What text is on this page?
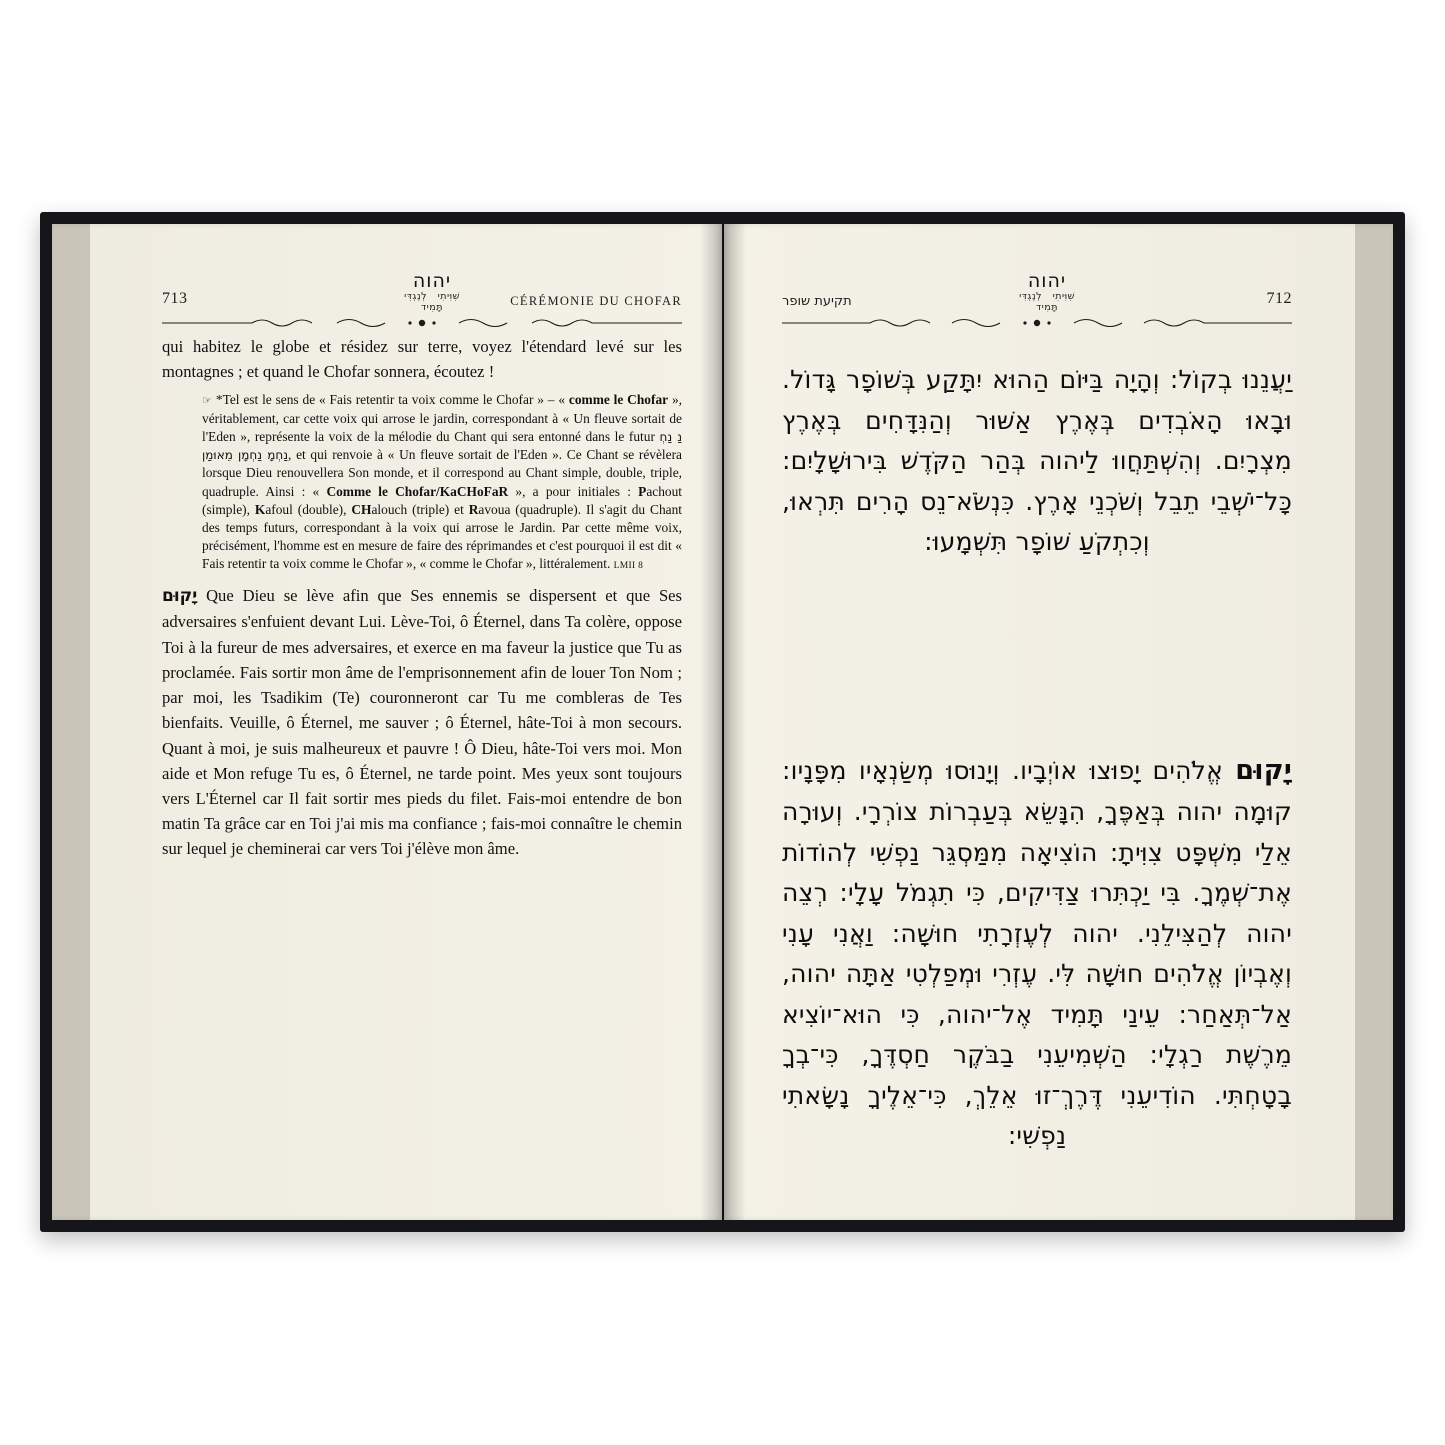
713
יהוה
שִׁוִּיתִי   לְנֶגְדִּי
תָּמִיד	CÉRÉMONIE DU CHOFAR

qui habitez le globe et résidez sur terre, voyez l'étendard levé sur les montagnes ; et quand le Chofar sonnera, écoutez !

☞ *Tel est le sens de « Fais retentir ta voix comme le Chofar » – « comme le Chofar », véritablement, car cette voix qui arrose le jardin, correspondant à « Un fleuve sortait de l'Eden », représente la voix de la mélodie du Chant qui sera entonné dans le futur נַ נַחְ נַחְמָ נַחְמָן מֵאוּמַן, et qui renvoie à « Un fleuve sortait de l'Eden ». Ce Chant se révèlera lorsque Dieu renouvellera Son monde, et il correspond au Chant simple, double, triple, quadruple. Ainsi : « Comme le Chofar/KaCHoFaR », a pour initiales : Pachout (simple), Kafoul (double), CHalouch (triple) et Ravoua (quadruple). Il s'agit du Chant des temps futurs, correspondant à la voix qui arrose le Jardin. Par cette même voix, précisément, l'homme est en mesure de faire des réprimandes et c'est pourquoi il est dit « Fais retentir ta voix comme le Chofar », « comme le Chofar », littéralement. LMII 8

יָקוּם Que Dieu se lève afin que Ses ennemis se dispersent et que Ses adversaires s'enfuient devant Lui. Lève-Toi, ô Éternel, dans Ta colère, oppose Toi à la fureur de mes adversaires, et exerce en ma faveur la justice que Tu as proclamée. Fais sortir mon âme de l'emprisonnement afin de louer Ton Nom ; par moi, les Tsadikim (Te) couronneront car Tu me combleras de Tes bienfaits. Veuille, ô Éternel, me sauver ; ô Éternel, hâte-Toi à mon secours. Quant à moi, je suis malheureux et pauvre ! Ô Dieu, hâte-Toi vers moi. Mon aide et Mon refuge Tu es, ô Éternel, ne tarde point. Mes yeux sont toujours vers L'Éternel car Il fait sortir mes pieds du filet. Fais-moi entendre de bon matin Ta grâce car en Toi j'ai mis ma confiance ; fais-moi connaître le chemin sur lequel je cheminerai car vers Toi j'élève mon âme.

712
יהוה
שִׁוִּיתִי   לְנֶגְדִּי
תָּמִיד
תקיעת שופר
יַעֲנֵנוּ בְקוֹל: וְהָיָה בַּיּוֹם הַהוּא יִתָּקַע בְּשׁוֹפָר גָּדוֹל. וּבָאוּ הָאֹבְדִים בְּאֶרֶץ אַשּׁוּר וְהַנִּדָּחִים בְּאֶרֶץ מִצְרָיִם. וְהִשְׁתַּחֲווּ לַיהוה בְּהַר הַקֹּדֶשׁ בִּירוּשָׁלָיִם: כָּל־יֹשְׁבֵי תֵבֵל וְשֹׁכְנֵי אָרֶץ. כִּנְשֹׂא־נֵס הָרִים תִּרְאוּ, וְכִתְקֹעַ שׁוֹפָר תִּשְׁמָעוּ:
יָקוּם אֱלֹהִים יָפוּצוּ אוֹיְבָיו. וְיָנוּסוּ מְשַׂנְאָיו מִפָּנָיו: קוּמָה יהוה בְּאַפֶּךָ, הִנָּשֵׂא בְּעַבְרוֹת צוֹרְרָי. וְעוּרָה אֵלַי מִשְׁפָּט צִוִּיתָ: הוֹצִיאָה מִמַּסְגֵּר נַפְשִׁי לְהוֹדוֹת אֶת־שְׁמֶךָ. בִּי יַכְתִּרוּ צַדִּיקִים, כִּי תִגְמֹל עָלָי: רְצֵה יהוה לְהַצִּילֵנִי. יהוה לְעֶזְרָתִי חוּשָׁה: וַאֲנִי עָנִי וְאֶבְיוֹן אֱלֹהִים חוּשָׁה לִּי. עֶזְרִי וּמְפַלְטִי אַתָּה יהוה, אַל־תְּאַחַר: עֵינַי תָּמִיד אֶל־יהוה, כִּי הוּא־יוֹצִיא מֵרֶשֶׁת רַגְלָי: הַשְׁמִיעֵנִי בַבֹּקֶר חַסְדֶּךָ, כִּי־בְךָ בָטָחְתִּי. הוֹדִיעֵנִי דֶּרֶךְ־זוּ אֵלֵךְ, כִּי־אֵלֶיךָ נָשָׂאתִי נַפְשִׁי:
